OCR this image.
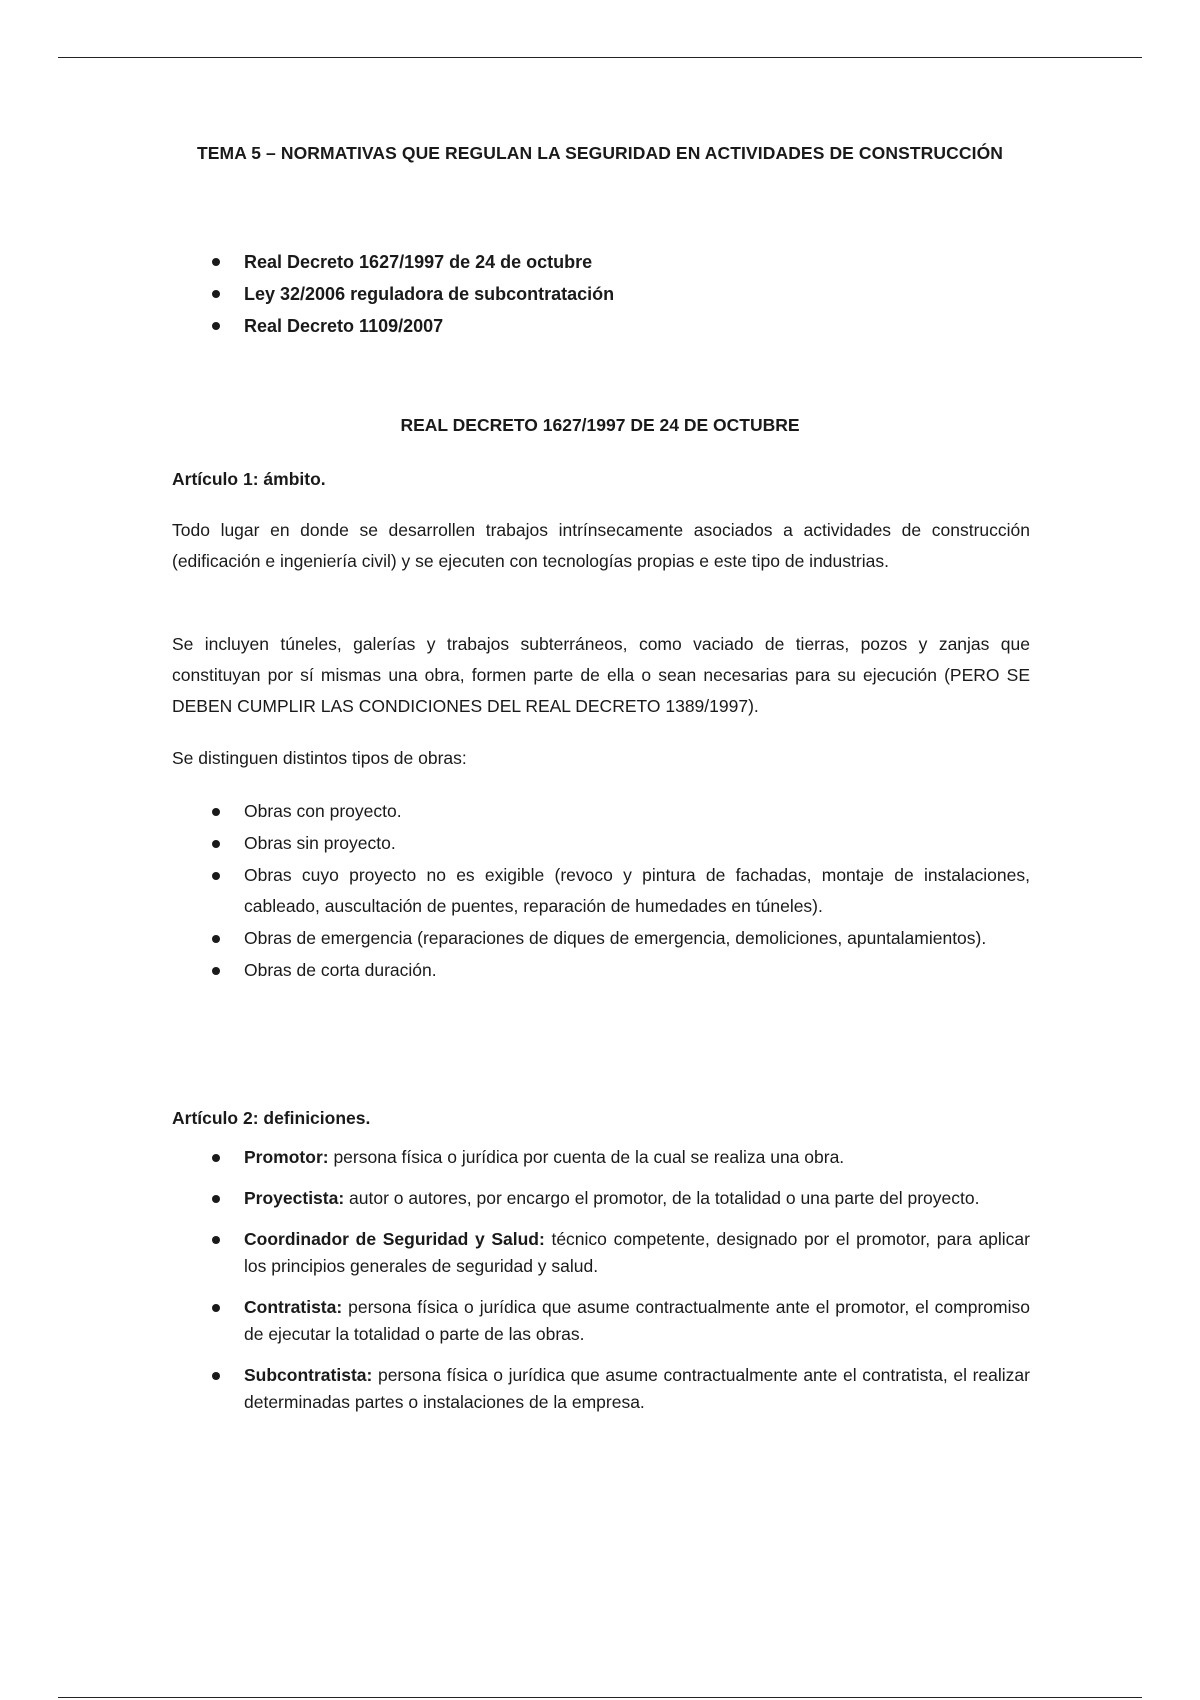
TEMA 5 – NORMATIVAS QUE REGULAN LA SEGURIDAD EN ACTIVIDADES DE CONSTRUCCIÓN
Real Decreto 1627/1997 de 24 de octubre
Ley 32/2006 reguladora de subcontratación
Real Decreto 1109/2007
REAL DECRETO 1627/1997 DE 24 DE OCTUBRE
Artículo 1: ámbito.

Todo lugar en donde se desarrollen trabajos intrínsecamente asociados a actividades de construcción (edificación e ingeniería civil) y se ejecuten con tecnologías propias e este tipo de industrias.

Se incluyen túneles, galerías y trabajos subterráneos, como vaciado de tierras, pozos y zanjas que constituyan por sí mismas una obra, formen parte de ella o sean necesarias para su ejecución (PERO SE DEBEN CUMPLIR LAS CONDICIONES DEL REAL DECRETO 1389/1997).

Se distinguen distintos tipos de obras:

Obras con proyecto.
Obras sin proyecto.
Obras cuyo proyecto no es exigible (revoco y pintura de fachadas, montaje de instalaciones, cableado, auscultación de puentes, reparación de humedades en túneles).
Obras de emergencia (reparaciones de diques de emergencia, demoliciones, apuntalamientos).
Obras de corta duración.
Artículo 2: definiciones.
Promotor: persona física o jurídica por cuenta de la cual se realiza una obra.
Proyectista: autor o autores, por encargo el promotor, de la totalidad o una parte del proyecto.
Coordinador de Seguridad y Salud: técnico competente, designado por el promotor, para aplicar los principios generales de seguridad y salud.
Contratista: persona física o jurídica que asume contractualmente ante el promotor, el compromiso de ejecutar la totalidad o parte de las obras.
Subcontratista: persona física o jurídica que asume contractualmente ante el contratista, el realizar determinadas partes o instalaciones de la empresa.
